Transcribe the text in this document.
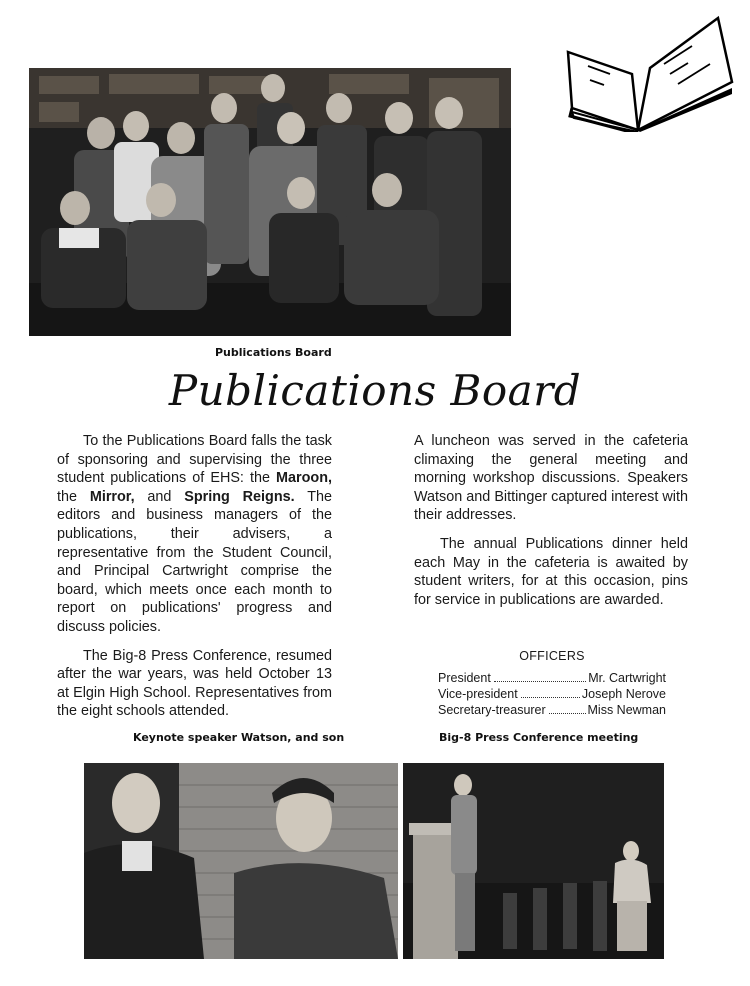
Publications Board
Publications Board

To the Publications Board falls the task of sponsoring and supervising the three student publications of EHS: the Maroon, the Mirror, and Spring Reigns. The editors and business managers of the publications, their advisers, a representative from the Student Council, and Principal Cartwright comprise the board, which meets once each month to report on publications' progress and discuss policies.

The Big-8 Press Conference, resumed after the war years, was held October 13 at Elgin High School. Representatives from the eight schools attended.

A luncheon was served in the cafeteria climaxing the general meeting and morning workshop discussions. Speakers Watson and Bittinger captured interest with their addresses.

The annual Publications dinner held each May in the cafeteria is awaited by student writers, for at this occasion, pins for service in publications are awarded.

OFFICERS
President	Mr. Cartwright
Vice-president	Joseph Nerove
Secretary-treasurer	Miss Newman
Keynote speaker Watson, and son	Big-8 Press Conference meeting
